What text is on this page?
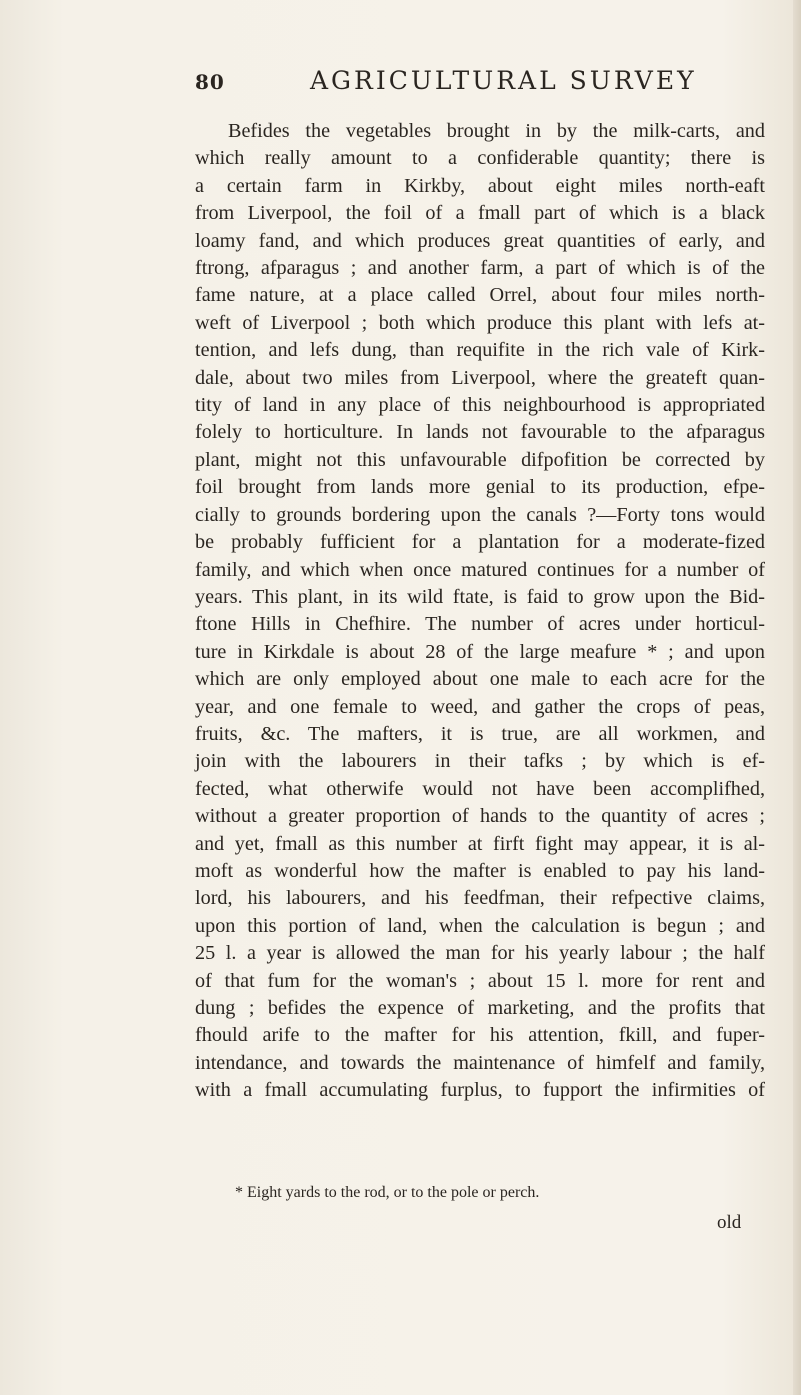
80	AGRICULTURAL SURVEY
Befides the vegetables brought in by the milk-carts, and
which really amount to a confiderable quantity; there is
a certain farm in Kirkby, about eight miles north-eaft
from Liverpool, the foil of a fmall part of which is a black
loamy fand, and which produces great quantities of early, and
ftrong, afparagus ; and another farm, a part of which is of the
fame nature, at a place called Orrel, about four miles north-
weft of Liverpool ; both which produce this plant with lefs at-
tention, and lefs dung, than requifite in the rich vale of Kirk-
dale, about two miles from Liverpool, where the greateft quan-
tity of land in any place of this neighbourhood is appropriated
folely to horticulture. In lands not favourable to the afparagus
plant, might not this unfavourable difpofition be corrected by
foil brought from lands more genial to its production, efpe-
cially to grounds bordering upon the canals ?—Forty tons would
be probably fufficient for a plantation for a moderate-fized
family, and which when once matured continues for a number of
years. This plant, in its wild ftate, is faid to grow upon the Bid-
ftone Hills in Chefhire. The number of acres under horticul-
ture in Kirkdale is about 28 of the large meafure * ; and upon
which are only employed about one male to each acre for the
year, and one female to weed, and gather the crops of peas,
fruits, &c. The mafters, it is true, are all workmen, and
join with the labourers in their tafks ; by which is ef-
fected, what otherwife would not have been accomplifhed,
without a greater proportion of hands to the quantity of acres ;
and yet, fmall as this number at firft fight may appear, it is al-
moft as wonderful how the mafter is enabled to pay his land-
lord, his labourers, and his feedfman, their refpective claims,
upon this portion of land, when the calculation is begun ; and
25 l. a year is allowed the man for his yearly labour ; the half
of that fum for the woman's ; about 15 l. more for rent and
dung ; befides the expence of marketing, and the profits that
fhould arife to the mafter for his attention, fkill, and fuper-
intendance, and towards the maintenance of himfelf and family,
with a fmall accumulating furplus, to fupport the infirmities of
* Eight yards to the rod, or to the pole or perch.
old
